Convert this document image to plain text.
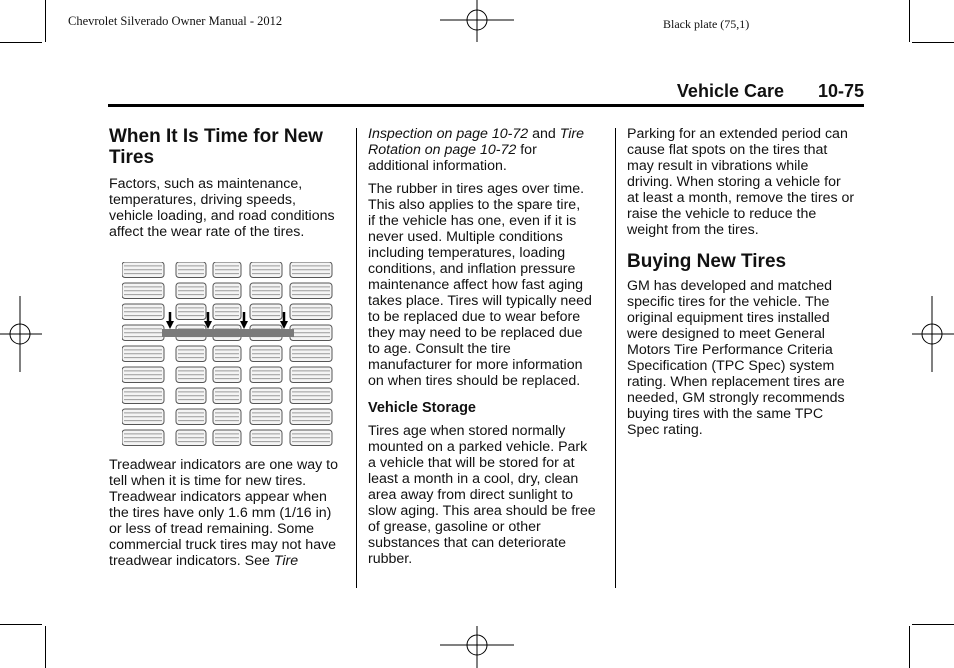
Chevrolet Silverado Owner Manual - 2012	Black plate (75,1)
Vehicle Care 10-75
When It Is Time for New
Tires

Factors, such as maintenance,
temperatures, driving speeds,
vehicle loading, and road conditions
affect the wear rate of the tires.

Treadwear indicators are one way to
tell when it is time for new tires.
Treadwear indicators appear when
the tires have only 1.6 mm (1/16 in)
or less of tread remaining. Some
commercial truck tires may not have
treadwear indicators. See Tire

Inspection on page 10-72 and Tire
Rotation on page 10-72 for
additional information.

The rubber in tires ages over time.
This also applies to the spare tire,
if the vehicle has one, even if it is
never used. Multiple conditions
including temperatures, loading
conditions, and inflation pressure
maintenance affect how fast aging
takes place. Tires will typically need
to be replaced due to wear before
they may need to be replaced due
to age. Consult the tire
manufacturer for more information
on when tires should be replaced.

Vehicle Storage

Tires age when stored normally
mounted on a parked vehicle. Park
a vehicle that will be stored for at
least a month in a cool, dry, clean
area away from direct sunlight to
slow aging. This area should be free
of grease, gasoline or other
substances that can deteriorate
rubber.

Parking for an extended period can
cause flat spots on the tires that
may result in vibrations while
driving. When storing a vehicle for
at least a month, remove the tires or
raise the vehicle to reduce the
weight from the tires.

Buying New Tires

GM has developed and matched
specific tires for the vehicle. The
original equipment tires installed
were designed to meet General
Motors Tire Performance Criteria
Specification (TPC Spec) system
rating. When replacement tires are
needed, GM strongly recommends
buying tires with the same TPC
Spec rating.
